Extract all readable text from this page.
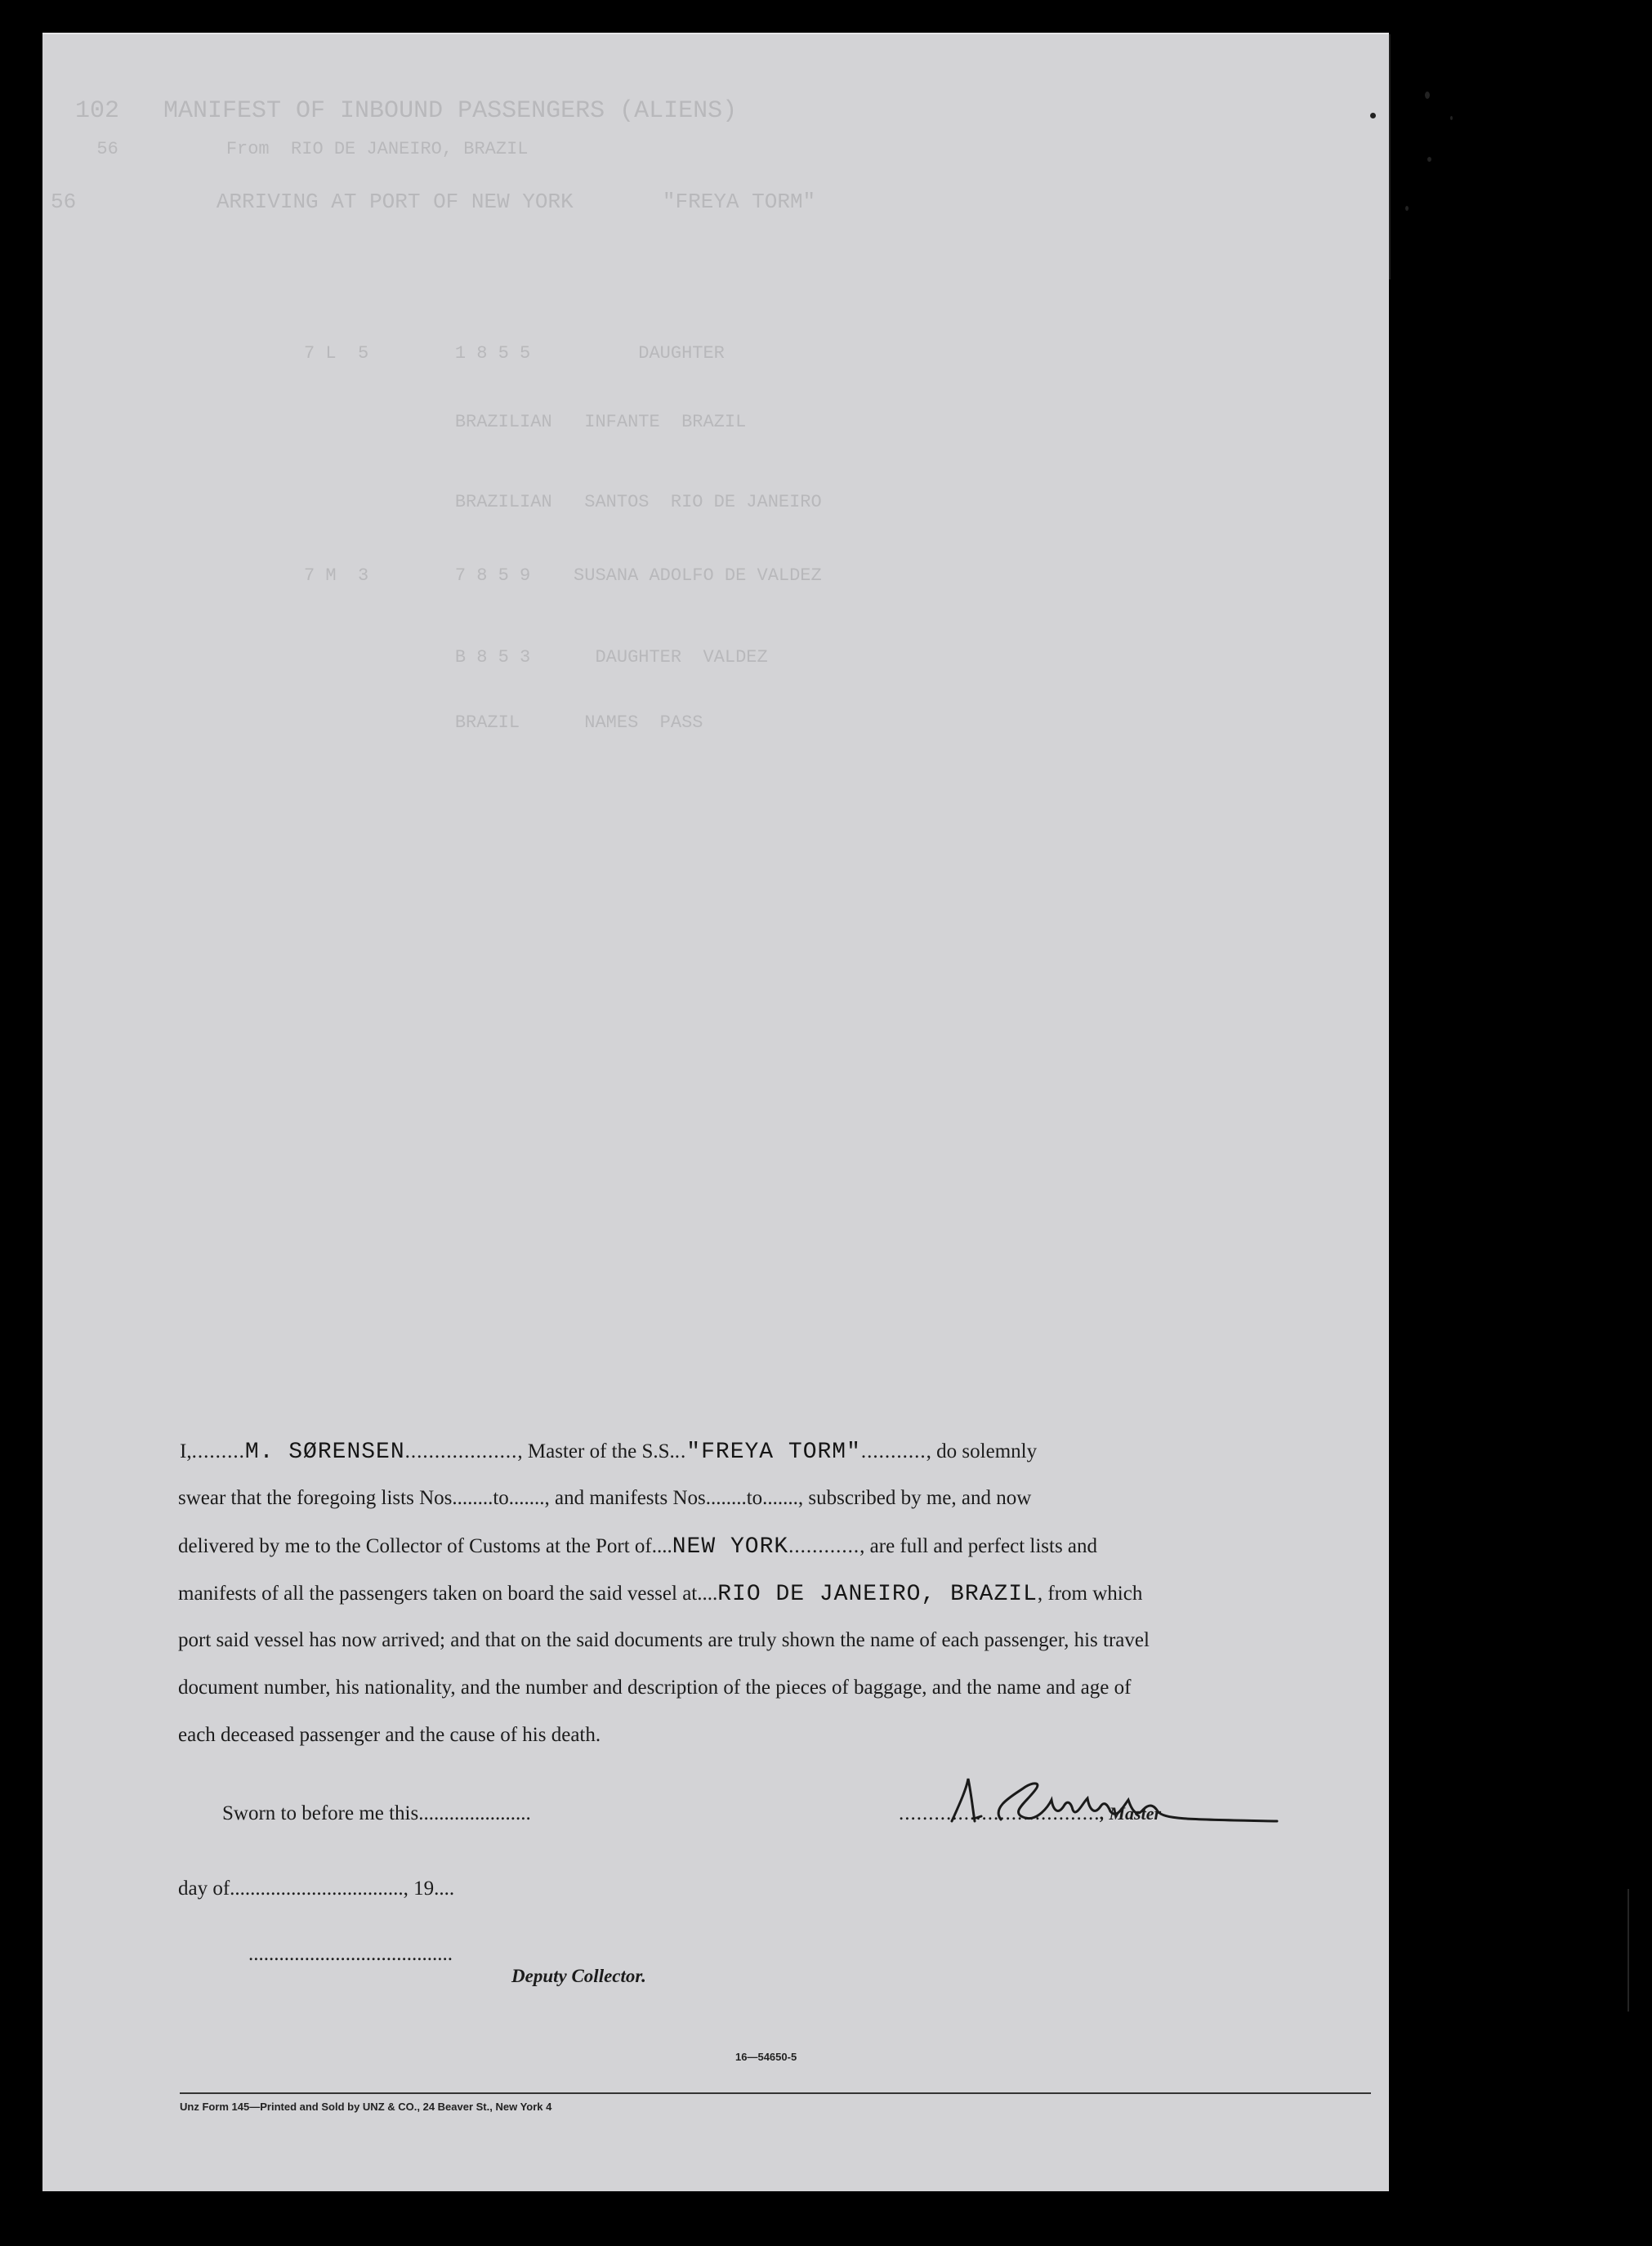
102   MANIFEST OF INBOUND PASSENGERS (ALIENS)
56          From  RIO DE JANEIRO, BRAZIL
56           ARRIVING AT PORT OF NEW YORK       "FREYA TORM"
7 L  5        1 8 5 5          DAUGHTER
BRAZILIAN   INFANTE  BRAZIL
BRAZILIAN   SANTOS  RIO DE JANEIRO
7 M  3        7 8 5 9    SUSANA ADOLFO DE VALDEZ
B 8 5 3      DAUGHTER  VALDEZ
BRAZIL      NAMES  PASS
I,.........M. SØRENSEN..................., Master of the S.S..."FREYA TORM"..........., do solemnly
swear that the foregoing lists Nos........to......., and manifests Nos........to......., subscribed by me, and now
delivered by me to the Collector of Customs at the Port of....NEW YORK............, are full and perfect lists and
manifests of all the passengers taken on board the said vessel at....RIO DE JANEIRO, BRAZIL, from which
port said vessel has now arrived; and that on the said documents are truly shown the name of each passenger, his travel
document number, his nationality, and the number and description of the pieces of baggage, and the name and age of
each deceased passenger and the cause of his death.
Sworn to before me this......................	.................................., Master
day of.................................., 19....
........................................
Deputy Collector.
16—54650-5
Unz Form 145—Printed and Sold by UNZ & CO., 24 Beaver St., New York 4
